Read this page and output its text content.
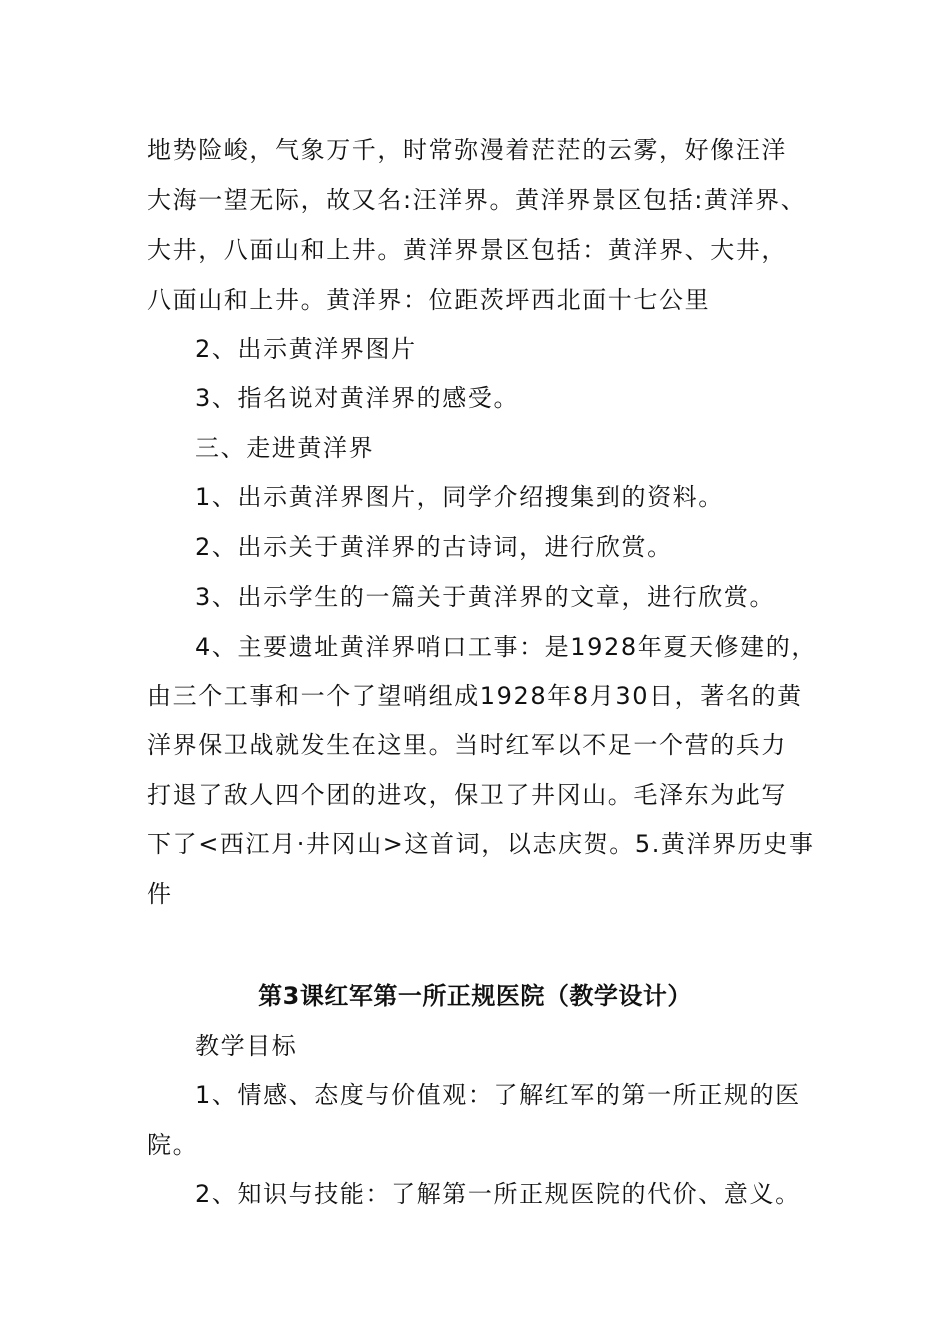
地势险峻，气象万千，时常弥漫着茫茫的云雾，好像汪洋
大海一望无际，故又名:汪洋界。黄洋界景区包括:黄洋界、
大井，八面山和上井。黄洋界景区包括：黄洋界、大井，
八面山和上井。黄洋界：位距茨坪西北面十七公里
2、出示黄洋界图片
3、指名说对黄洋界的感受。
三、走进黄洋界
1、出示黄洋界图片，同学介绍搜集到的资料。
2、出示关于黄洋界的古诗词，进行欣赏。
3、出示学生的一篇关于黄洋界的文章，进行欣赏。
4、主要遗址黄洋界哨口工事：是1928年夏天修建的，
由三个工事和一个了望哨组成1928年8月30日，著名的黄
洋界保卫战就发生在这里。当时红军以不足一个营的兵力
打退了敌人四个团的进攻，保卫了井冈山。毛泽东为此写
下了<西江月·井冈山>这首词，以志庆贺。5.黄洋界历史事
件
第3课红军第一所正规医院（教学设计）
教学目标
1、情感、态度与价值观：了解红军的第一所正规的医
院。
2、知识与技能：了解第一所正规医院的代价、意义。
